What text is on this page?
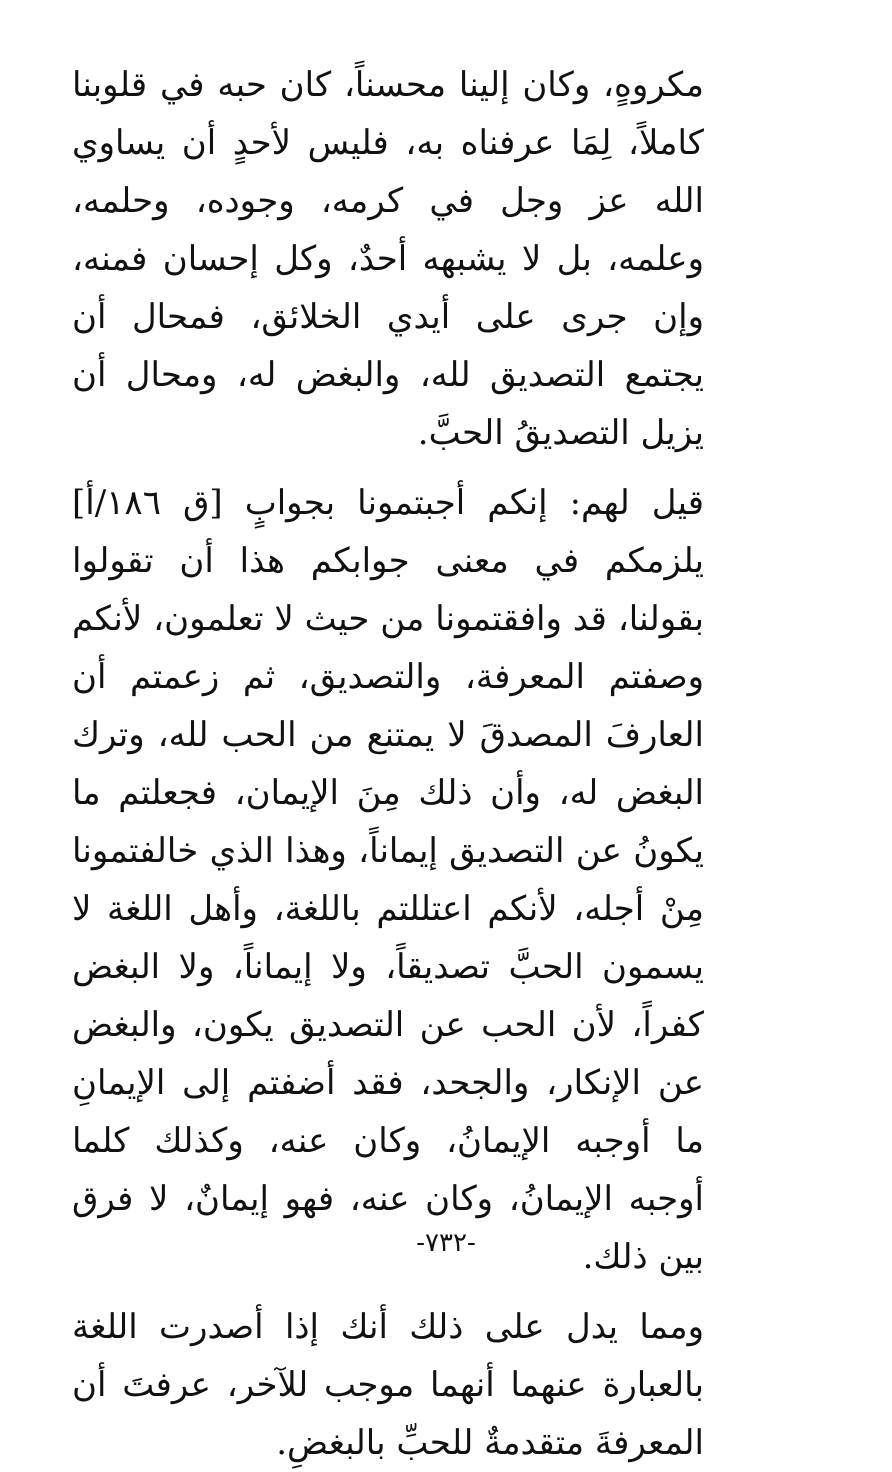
مكروهٍ، وكان إلينا محسناً، كان حبه في قلوبنا كاملاً، لِمَا عرفناه به، فليس لأحدٍ أن يساوي الله عز وجل في كرمه، وجوده، وحلمه، وعلمه، بل لا يشبهه أحدٌ، وكل إحسان فمنه، وإن جرى على أيدي الخلائق، فمحال أن يجتمع التصديق لله، والبغض له، ومحال أن يزيل التصديقُ الحبَّ.

قيل لهم: إنكم أجبتمونا بجوابٍ [ق ١٨٦/أ] يلزمكم في معنى جوابكم هذا أن تقولوا بقولنا، قد وافقتمونا من حيث لا تعلمون، لأنكم وصفتم المعرفة، والتصديق، ثم زعمتم أن العارفَ المصدقَ لا يمتنع من الحب لله، وترك البغض له، وأن ذلك مِنَ الإيمان، فجعلتم ما يكونُ عن التصديق إيماناً، وهذا الذي خالفتمونا مِنْ أجله، لأنكم اعتللتم باللغة، وأهل اللغة لا يسمون الحبَّ تصديقاً، ولا إيماناً، ولا البغض كفراً، لأن الحب عن التصديق يكون، والبغض عن الإنكار، والجحد، فقد أضفتم إلى الإيمانِ ما أوجبه الإيمانُ، وكان عنه، وكذلك كلما أوجبه الإيمانُ، وكان عنه، فهو إيمانٌ، لا فرق بين ذلك.

ومما يدل على ذلك أنك إذا أصدرت اللغة بالعبارة عنهما أنهما موجب للآخر، عرفتَ أن المعرفةَ متقدمةٌ للحبِّ بالبغضِ.

-٧٣٢-
